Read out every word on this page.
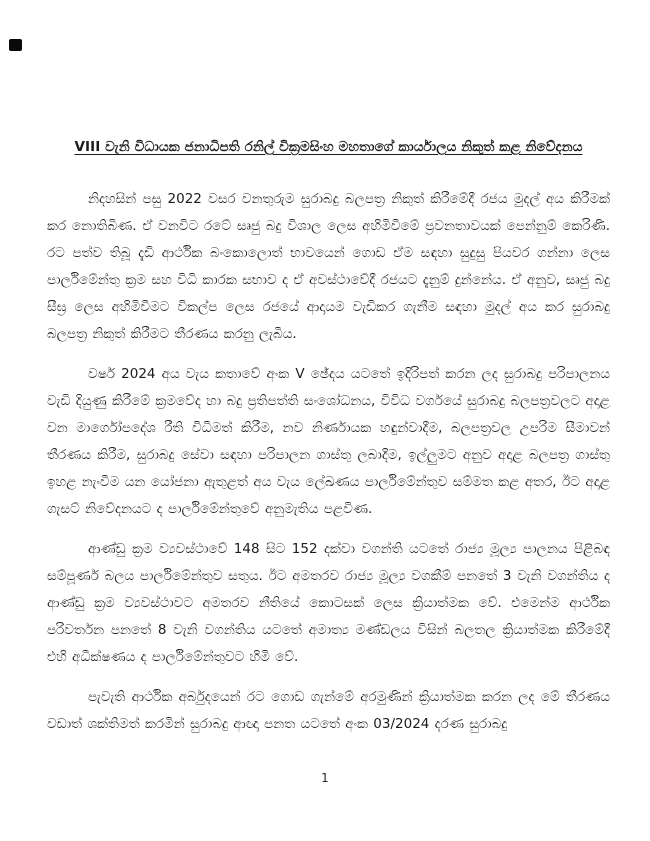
VIII වැනි විධායක ජනාධිපති රනිල් වික්‍රමසිංහ මහතාගේ කාර්යාලය නිකුත් කළ නිවේදනය

නිදහසින් පසු 2022 වසර වනතුරුම සුරාබදු බලපත්‍ර නිකුත් කිරීමේදී රජය මුදල් අය කිරීමක් කර නොතිබිණ. ඒ වනවිට රටේ සෘජු බදු විශාල ලෙස අහිමිවීමේ ප්‍රවනතාවයක් පෙන්නුම් කෙරිණි. රට පත්ව තිබූ දැඩි ආර්ථික බංකොලොත් භාවයෙන් ගොඩ ඒම සඳහා සුදුසු පියවර ගන්නා ලෙස පාර්ලිමේන්තු ක්‍රම සහ විධි කාරක සභාව ද ඒ අවස්ථාවේදී රජයට දැනුම් දුන්නේය. ඒ අනුව, සෘජු බදු සීඝ්‍ර ලෙස අහිමිවීමට විකල්ප ලෙස රජයේ ආදායම වැඩිකර ගැනීම සඳහා මුදල් අය කර සුරාබදු බලපත්‍ර නිකුත් කිරීමට තීරණය කරනු ලැබීය.

වර්ෂ 2024 අය වැය කතාවේ අංක V ඡේදය යටතේ ඉදිරිපත් කරන ලද සුරාබදු පරිපාලනය වැඩි දියුණු කිරීමේ ක්‍රමවේද හා බදු ප්‍රතිපත්ති සංශෝධනය, විවිධ වර්ගයේ සුරාබදු බලපත්‍රවලට අදාළ වන මාර්ගෝපදේශ රීති විධිමත් කිරීම, නව නිර්ණායක හඳුන්වාදීම, බලපත්‍රවල උපරිම සීමාවන් තීරණය කිරීම, සුරාබදු සේවා සඳහා පරිපාලන ගාස්තු ලබාදීම, ඉල්ලුමට අනුව අදාළ බලපත්‍ර ගාස්තු ඉහළ නැංවීම යන යෝජනා ඇතුළත් අය වැය ලේඛණය පාර්ලිමේන්තුව සම්මත කළ අතර, ඊට අදාළ ගැසට් නිවේදනයට ද පාර්ලිමේන්තුවේ අනුමැතිය පළවිණ.

ආණ්ඩු ක්‍රම ව්‍යවස්ථාවේ 148 සිට 152 දක්වා වගන්ති යටතේ රාජ්‍ය මූල්‍ය පාලනය පිළිබඳ සම්පූර්ණ බලය පාර්ලිමේන්තුව සතුය. ඊට අමතරව රාජ්‍ය මූල්‍ය වගකීම් පනතේ 3 වැනි වගන්තිය ද ආණ්ඩු ක්‍රම ව්‍යවස්ථාවට අමතරව නීතියේ කොටසක් ලෙස ක්‍රියාත්මක වේ. එමෙන්ම ආර්ථික පරිවර්තන පනතේ 8 වැනි වගන්තිය යටතේ අමාත්‍ය මණ්ඩලය විසින් බලතල ක්‍රියාත්මක කිරීමේදී එහි අධීක්ෂණය ද පාර්ලිමේන්තුවට හිමි වේ.

පැවැති ආර්ථික අර්බුදයෙන් රට ගොඩ ගැන්මේ අරමුණින් ක්‍රියාත්මක කරන ලද මේ තීරණය වඩාත් ශක්තිමත් කරමින් සුරාබදු ආඥා පනත යටතේ අංක 03/2024 දරණ සුරාබදු

1
